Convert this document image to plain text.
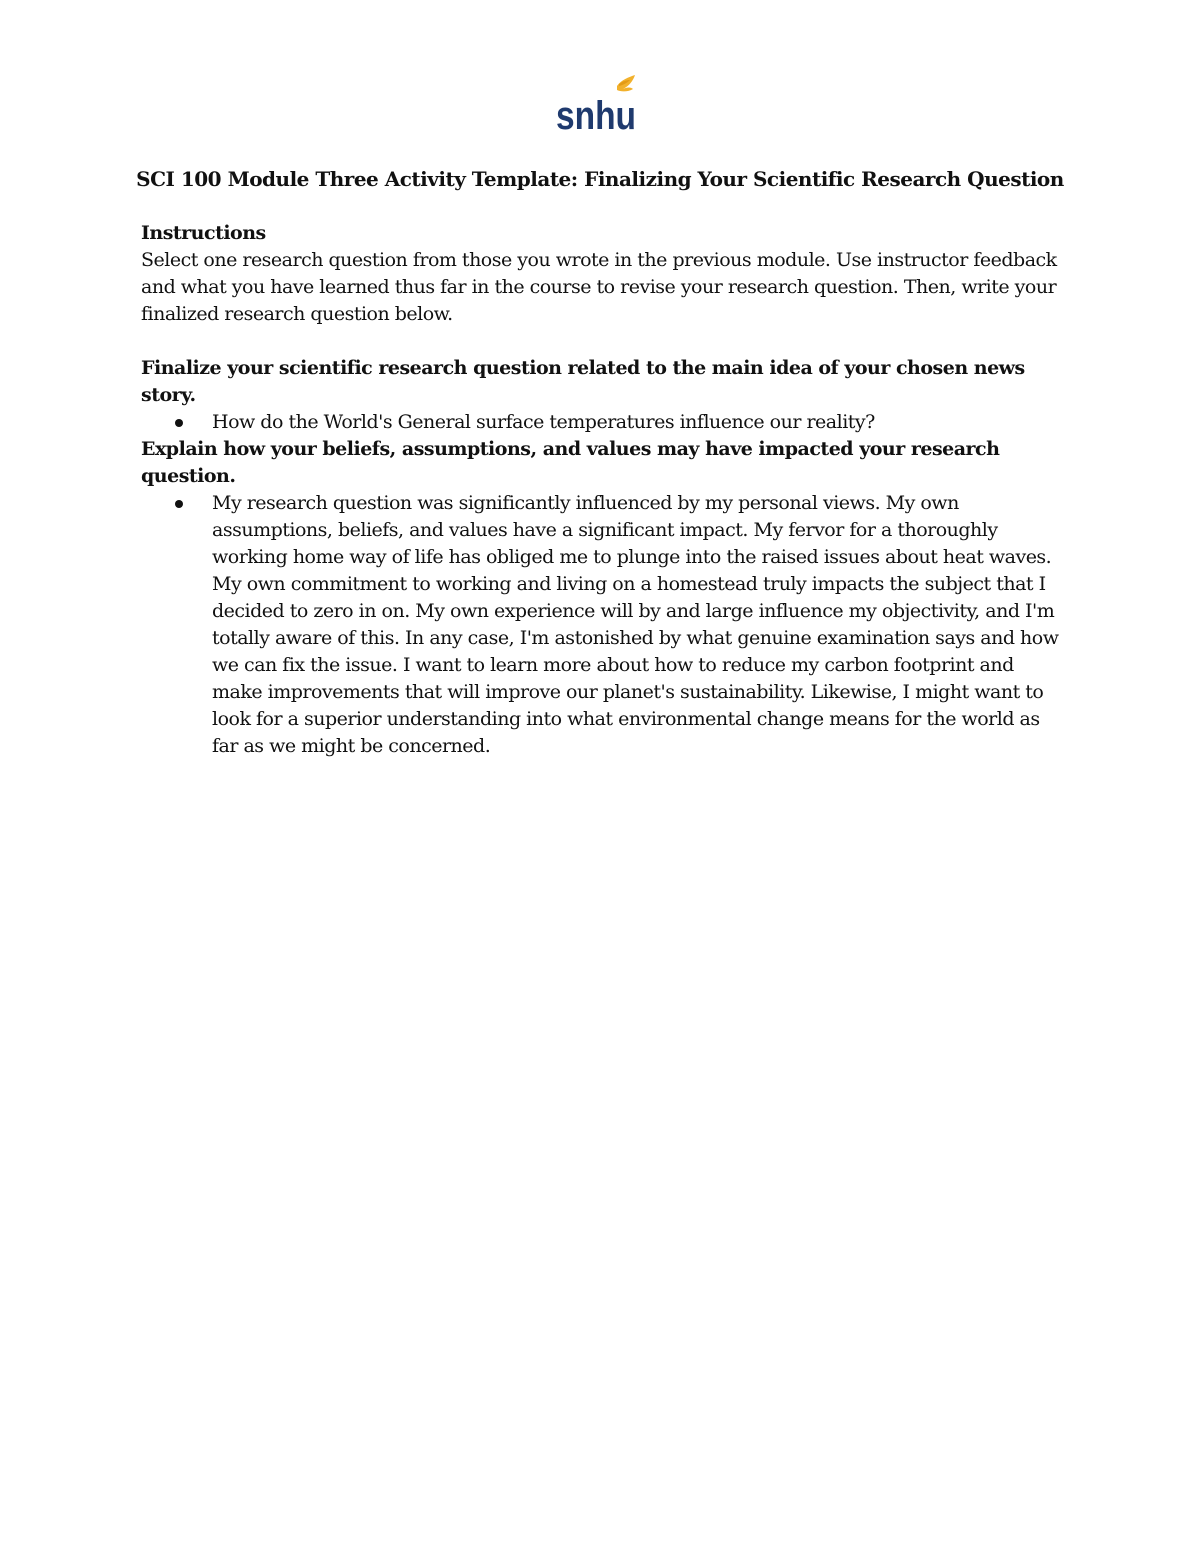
snhu
SCI 100 Module Three Activity Template: Finalizing Your Scientific Research Question

Instructions

Select one research question from those you wrote in the previous module. Use instructor feedback and what you have learned thus far in the course to revise your research question. Then, write your finalized research question below.

Finalize your scientific research question related to the main idea of your chosen news story.

How do the World's General surface temperatures influence our reality?

Explain how your beliefs, assumptions, and values may have impacted your research question.

My research question was significantly influenced by my personal views. My own assumptions, beliefs, and values have a significant impact. My fervor for a thoroughly working home way of life has obliged me to plunge into the raised issues about heat waves. My own commitment to working and living on a homestead truly impacts the subject that I decided to zero in on. My own experience will by and large influence my objectivity, and I'm totally aware of this. In any case, I'm astonished by what genuine examination says and how we can fix the issue. I want to learn more about how to reduce my carbon footprint and make improvements that will improve our planet's sustainability. Likewise, I might want to look for a superior understanding into what environmental change means for the world as far as we might be concerned.
